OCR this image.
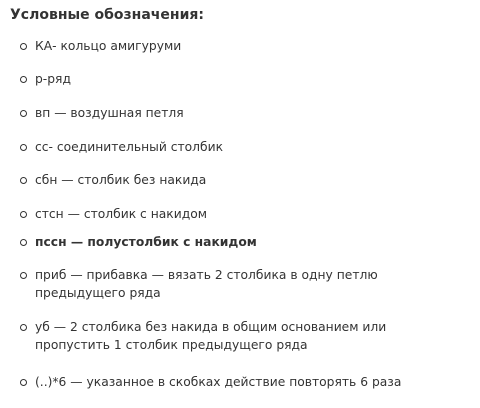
Условные обозначения:
КА- кольцо амигуруми
р-ряд
вп — воздушная петля
сс- соединительный столбик
сбн — столбик без накида
стсн — столбик с накидом
пссн — полустолбик с накидом
приб — прибавка — вязать 2 столбика в одну петлю предыдущего ряда
уб — 2 столбика без накида в общим основанием или пропустить 1 столбик предыдущего ряда
(..)*6 — указанное в скобках действие повторять 6 раза
